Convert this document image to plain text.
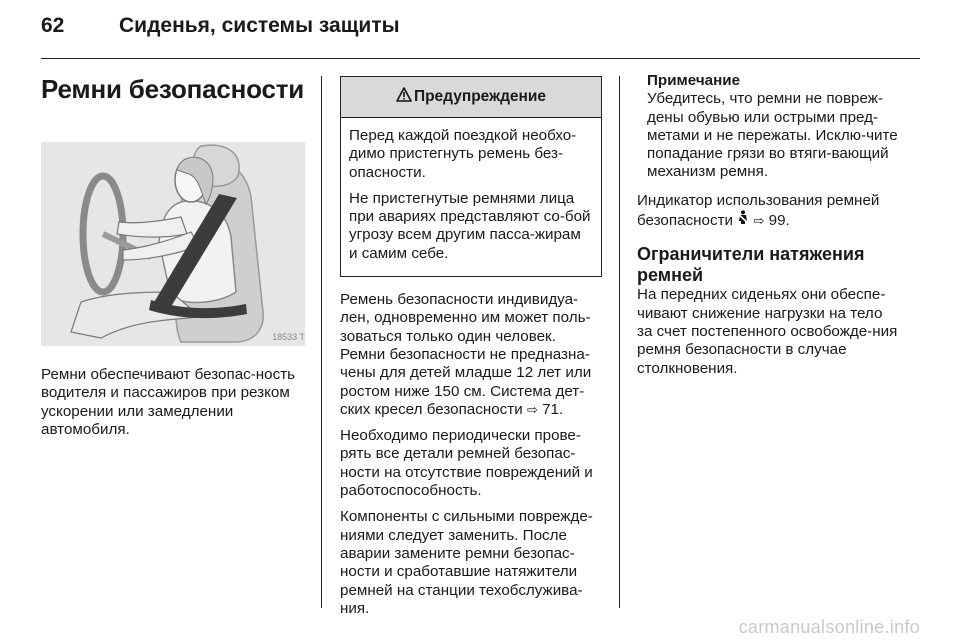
62	Сиденья, системы защиты
Ремни безопасности
18533 T

Ремни обеспечивают безопас-ность водителя и пассажиров при резком ускорении или замедлении автомобиля.

Предупреждение

Перед каждой поездкой необхо-димо пристегнуть ремень без-опасности.

Не пристегнутые ремнями лица при авариях представляют со-бой угрозу всем другим пасса-жирам и самим себе.

Ремень безопасности индивидуа-лен, одновременно им может поль-зоваться только один человек. Ремни безопасности не предназна-чены для детей младше 12 лет или ростом ниже 150 см. Система дет-ских кресел безопасности ⇨ 71.

Необходимо периодически прове-рять все детали ремней безопас-ности на отсутствие повреждений и работоспособность.

Компоненты с сильными поврежде-ниями следует заменить. После аварии замените ремни безопас-ности и сработавшие натяжители ремней на станции техобслужива-ния.

Примечание
Убедитесь, что ремни не повреж-дены обувью или острыми пред-метами и не пережаты. Исклю-чите попадание грязи во втяги-вающий механизм ремня.

Индикатор использования ремней безопасности ⇨ 99.

Ограничители натяжения ремней

На передних сиденьях они обеспе-чивают снижение нагрузки на тело за счет постепенного освобожде-ния ремня безопасности в случае столкновения.

carmanualsonline.info
